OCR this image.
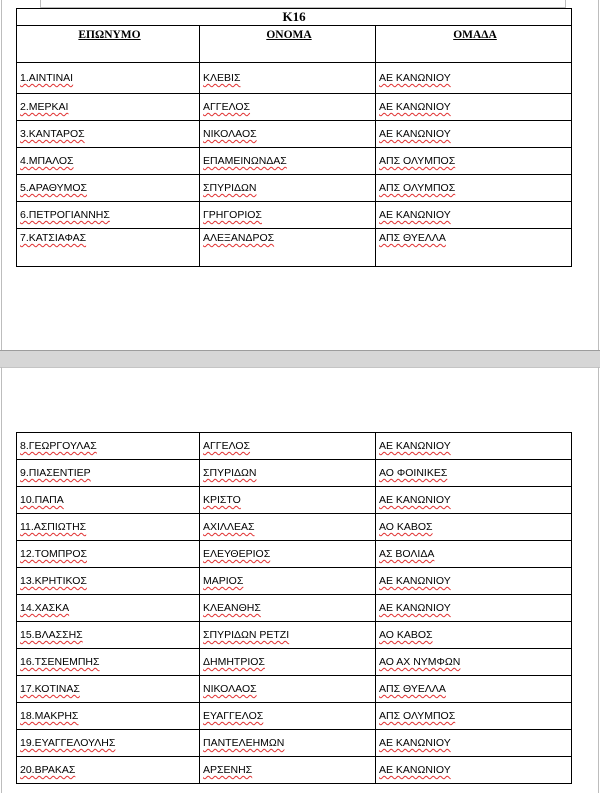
Κ16		
ΕΠΩΝΥΜΟ	ΟΝΟΜΑ	ΟΜΑΔΑ
1.ΑΙΝΤΙΝΑΙ	ΚΛΕΒΙΣ	ΑΕ ΚΑΝΩΝΙΟΥ
2.ΜΕΡΚΑΙ	ΑΓΓΕΛΟΣ	ΑΕ ΚΑΝΩΝΙΟΥ
3.ΚΑΝΤΑΡΟΣ	ΝΙΚΟΛΑΟΣ	ΑΕ ΚΑΝΩΝΙΟΥ
4.ΜΠΑΛΟΣ	ΕΠΑΜΕΙΝΩΝΔΑΣ	ΑΠΣ ΟΛΥΜΠΟΣ
5.ΑΡΑΘΥΜΟΣ	ΣΠΥΡΙΔΩΝ	ΑΠΣ ΟΛΥΜΠΟΣ
6.ΠΕΤΡΟΓΙΑΝΝΗΣ	ΓΡΗΓΟΡΙΟΣ	ΑΕ ΚΑΝΩΝΙΟΥ
7.ΚΑΤΣΙΑΦΑΣ	ΑΛΕΞΑΝΔΡΟΣ	ΑΠΣ ΘΥΕΛΛΑ
8.ΓΕΩΡΓΟΥΛΑΣ	ΑΓΓΕΛΟΣ	ΑΕ ΚΑΝΩΝΙΟΥ
9.ΠΙΑΣΕΝΤΙΕΡ	ΣΠΥΡΙΔΩΝ	ΑΟ ΦΟΙΝΙΚΕΣ
10.ΠΑΠΑ	ΚΡΙΣΤΟ	ΑΕ ΚΑΝΩΝΙΟΥ
11.ΑΣΠΙΩΤΗΣ	ΑΧΙΛΛΕΑΣ	ΑΟ ΚΑΒΟΣ
12.ΤΟΜΠΡΟΣ	ΕΛΕΥΘΕΡΙΟΣ	ΑΣ ΒΟΛΙΔΑ
13.ΚΡΗΤΙΚΟΣ	ΜΑΡΙΟΣ	ΑΕ ΚΑΝΩΝΙΟΥ
14.ΧΑΣΚΑ	ΚΛΕΑΝΘΗΣ	ΑΕ ΚΑΝΩΝΙΟΥ
15.ΒΛΑΣΣΗΣ	ΣΠΥΡΙΔΩΝ ΡΕΤΖΙ	ΑΟ ΚΑΒΟΣ
16.ΤΣΕΝΕΜΠΗΣ	ΔΗΜΗΤΡΙΟΣ	ΑΟ ΑΧ ΝΥΜΦΩΝ
17.ΚΟΤΙΝΑΣ	ΝΙΚΟΛΑΟΣ	ΑΠΣ ΘΥΕΛΛΑ
18.ΜΑΚΡΗΣ	ΕΥΑΓΓΕΛΟΣ	ΑΠΣ ΟΛΥΜΠΟΣ
19.ΕΥΑΓΓΕΛΟΥΛΗΣ	ΠΑΝΤΕΛΕΗΜΩΝ	ΑΕ ΚΑΝΩΝΙΟΥ
20.ΒΡΑΚΑΣ	ΑΡΣΕΝΗΣ	ΑΕ ΚΑΝΩΝΙΟΥ
